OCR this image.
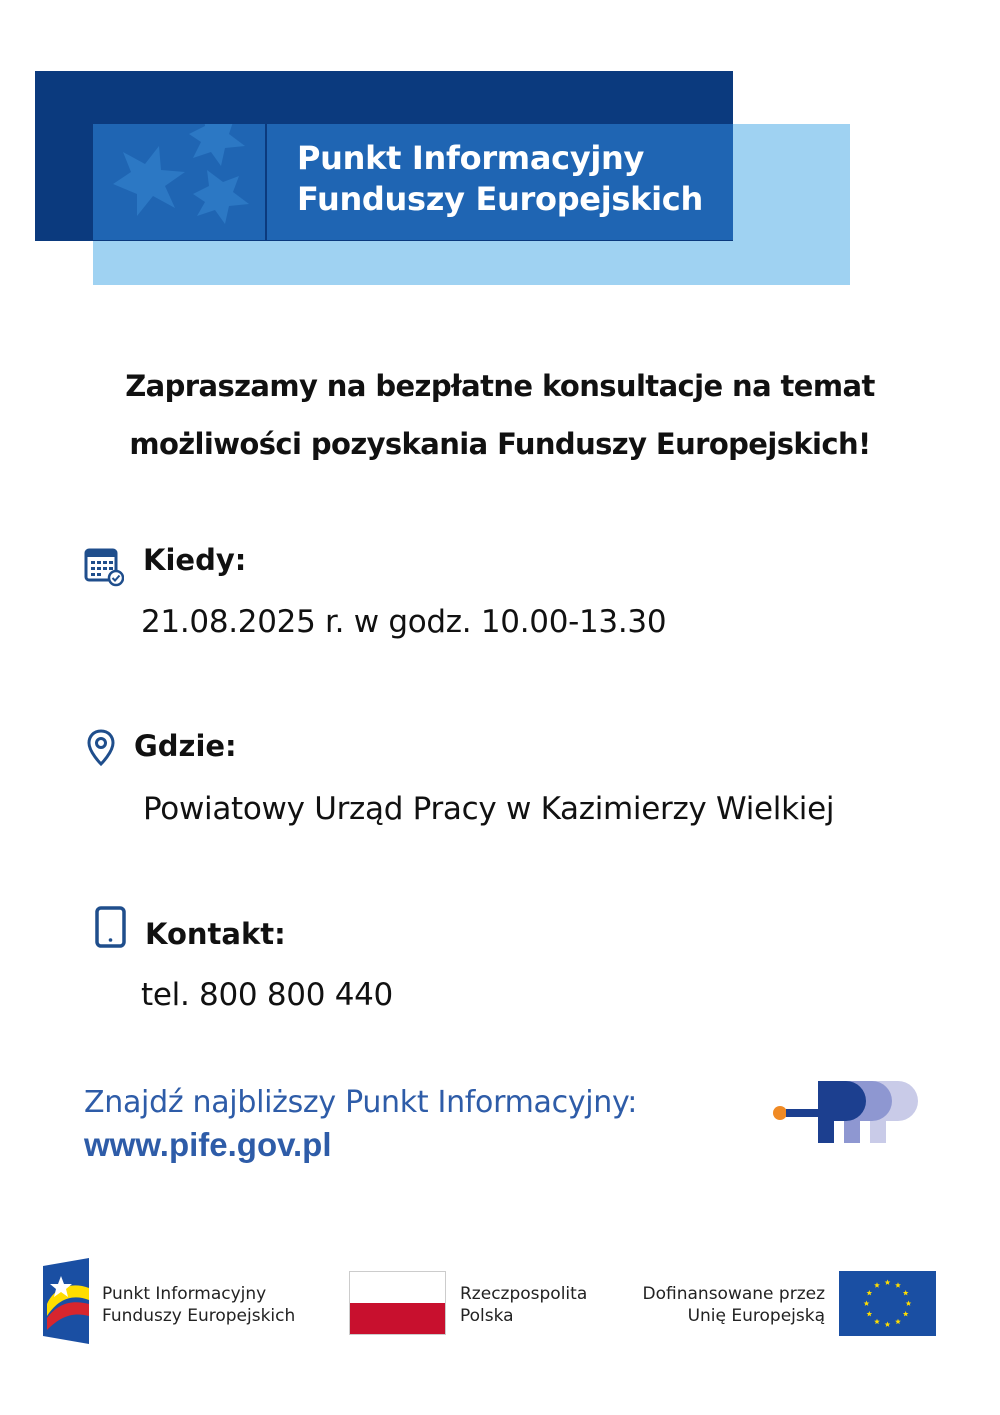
Punkt Informacyjny
Funduszy Europejskich
Zapraszamy na bezpłatne konsultacje na temat
możliwości pozyskania Funduszy Europejskich!
Kiedy:
21.08.2025 r. w godz. 10.00-13.30
Gdzie:
Powiatowy Urząd Pracy w Kazimierzy Wielkiej
Kontakt:
tel. 800 800 440
Znajdź najbliższy Punkt Informacyjny:
www.pife.gov.pl
Punkt Informacyjny
Funduszy Europejskich
Rzeczpospolita
Polska
Dofinansowane przez
Unię Europejską
